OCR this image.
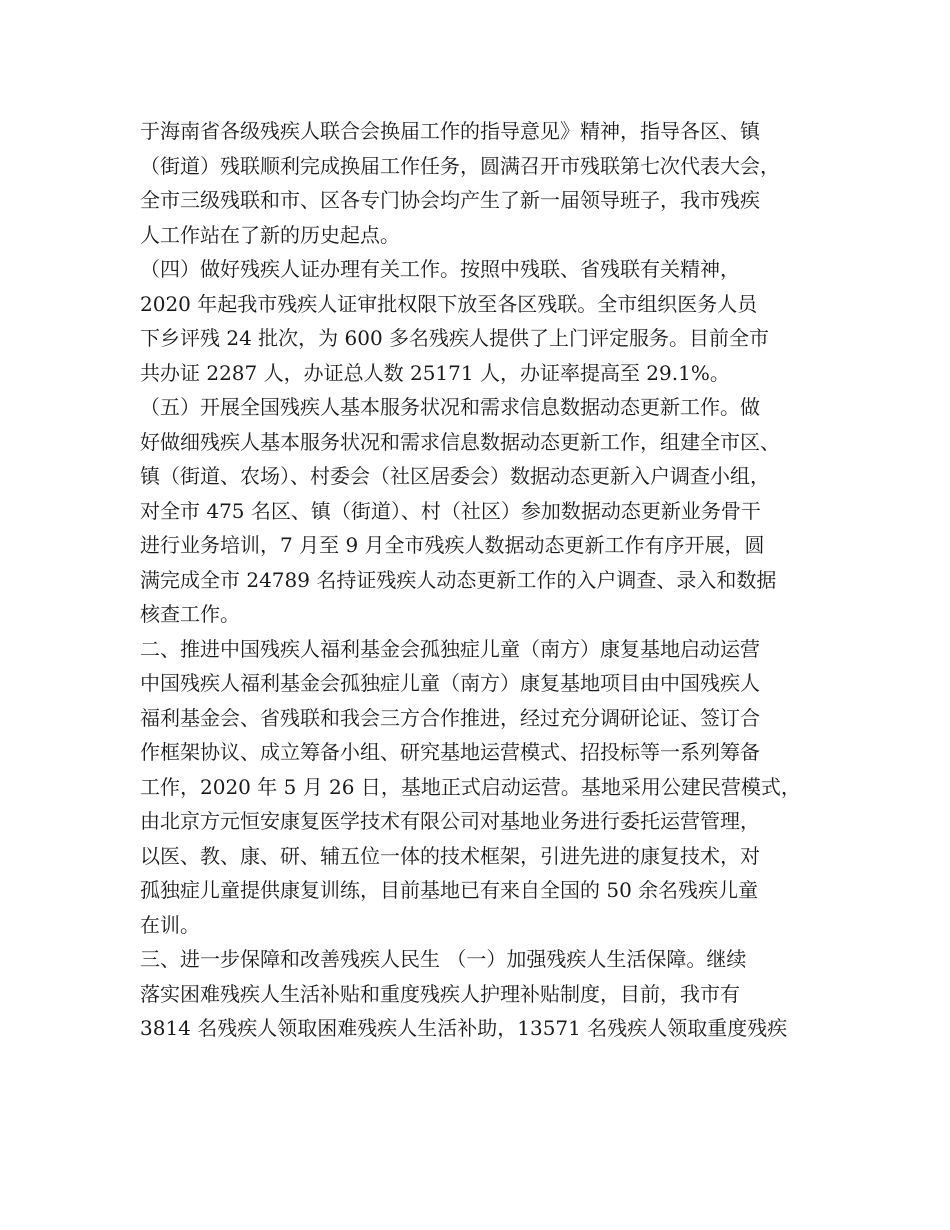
于海南省各级残疾人联合会换届工作的指导意见》精神，指导各区、镇
（街道）残联顺利完成换届工作任务，圆满召开市残联第七次代表大会，
全市三级残联和市、区各专门协会均产生了新一届领导班子，我市残疾
人工作站在了新的历史起点。
（四）做好残疾人证办理有关工作。按照中残联、省残联有关精神，
2020 年起我市残疾人证审批权限下放至各区残联。全市组织医务人员
下乡评残 24 批次，为 600 多名残疾人提供了上门评定服务。目前全市
共办证 2287 人，办证总人数 25171 人，办证率提高至 29.1%。
（五）开展全国残疾人基本服务状况和需求信息数据动态更新工作。做
好做细残疾人基本服务状况和需求信息数据动态更新工作，组建全市区、
镇（街道、农场）、村委会（社区居委会）数据动态更新入户调查小组，
对全市 475 名区、镇（街道）、村（社区）参加数据动态更新业务骨干
进行业务培训，7 月至 9 月全市残疾人数据动态更新工作有序开展，圆
满完成全市 24789 名持证残疾人动态更新工作的入户调查、录入和数据
核查工作。
二、推进中国残疾人福利基金会孤独症儿童（南方）康复基地启动运营
中国残疾人福利基金会孤独症儿童（南方）康复基地项目由中国残疾人
福利基金会、省残联和我会三方合作推进，经过充分调研论证、签订合
作框架协议、成立筹备小组、研究基地运营模式、招投标等一系列筹备
工作，2020 年 5 月 26 日，基地正式启动运营。基地采用公建民营模式，
由北京方元恒安康复医学技术有限公司对基地业务进行委托运营管理，
以医、教、康、研、辅五位一体的技术框架，引进先进的康复技术，对
孤独症儿童提供康复训练，目前基地已有来自全国的 50 余名残疾儿童
在训。
三、进一步保障和改善残疾人民生 （一）加强残疾人生活保障。继续
落实困难残疾人生活补贴和重度残疾人护理补贴制度，目前，我市有
3814 名残疾人领取困难残疾人生活补助，13571 名残疾人领取重度残疾
